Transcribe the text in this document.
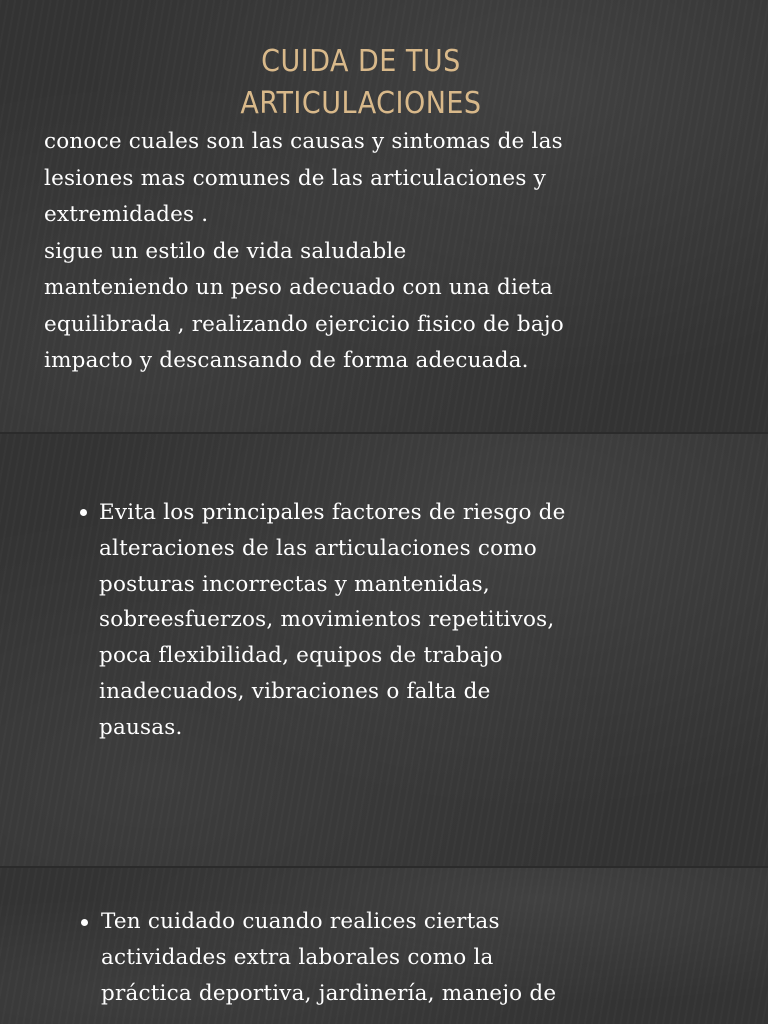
CUIDA DE TUS
ARTICULACIONES
conoce cuales son las causas y sintomas de las
lesiones mas comunes de las articulaciones y
extremidades .
sigue un estilo de vida saludable
manteniendo un peso adecuado con una dieta
equilibrada , realizando ejercicio fisico de bajo
impacto y descansando de forma adecuada.
Evita los principales factores de riesgo de
alteraciones de las articulaciones como
posturas incorrectas y mantenidas,
sobreesfuerzos, movimientos repetitivos,
poca flexibilidad, equipos de trabajo
inadecuados, vibraciones o falta de
pausas.
Ten cuidado cuando realices ciertas
actividades extra laborales como la
práctica deportiva, jardinería, manejo de
